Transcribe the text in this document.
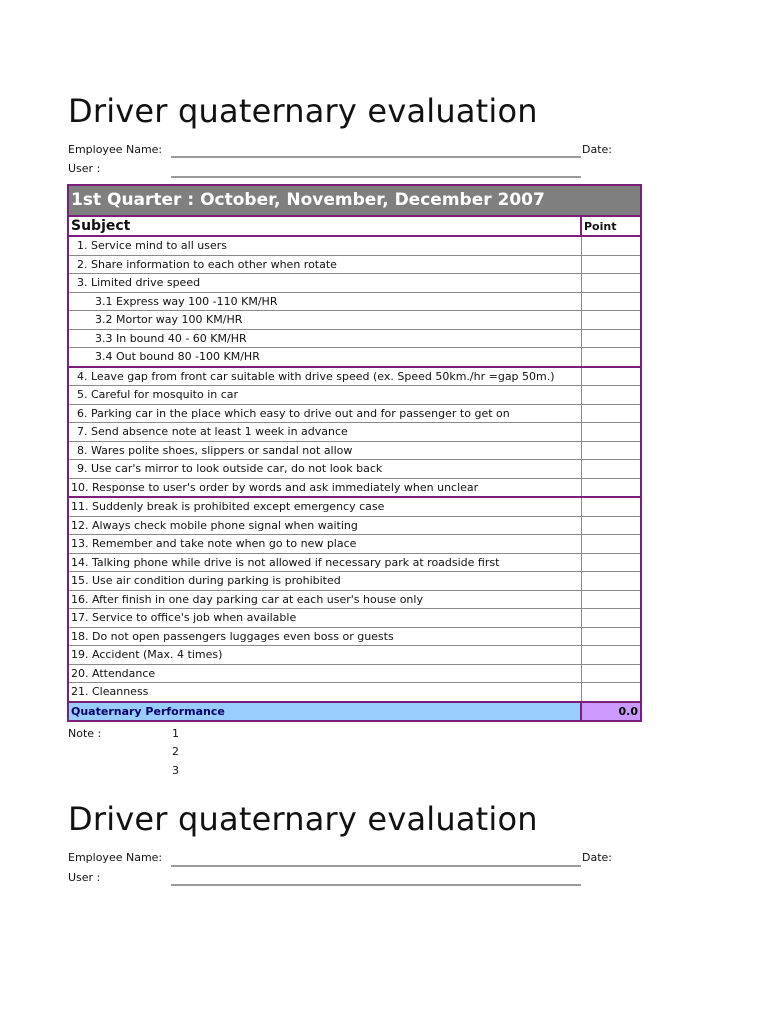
Driver quaternary evaluation
Employee Name:	Date:
User :
1st Quarter : October, November, December 2007	
Subject	Point
1. Service mind to all users	
2. Share information to each other when rotate	
3. Limited drive speed	
3.1 Express way 100 -110 KM/HR	
3.2 Mortor way 100 KM/HR	
3.3 In bound 40 - 60 KM/HR	
3.4 Out bound 80 -100 KM/HR	
4. Leave gap from front car suitable with drive speed (ex. Speed 50km./hr =gap 50m.)	
5. Careful for mosquito in car	
6. Parking car in the place which easy to drive out and for passenger to get on	
7. Send absence note at least 1 week in advance	
8. Wares polite shoes, slippers or sandal not allow	
9. Use car's mirror to look outside car, do not look back	
10. Response to user's order by words and ask immediately when unclear	
11. Suddenly break is prohibited except emergency case	
12. Always check mobile phone signal when waiting	
13. Remember and take note when go to new place	
14. Talking phone while drive is not allowed if necessary park at roadside first	
15. Use air condition during parking is prohibited	
16. After finish in one day parking car at each user's house only	
17. Service to office's job when available	
18. Do not open passengers luggages even boss or guests	
19. Accident (Max. 4 times)	
20. Attendance	
21. Cleanness	
Quaternary Performance	0.0
Note :	1
2
3
Driver quaternary evaluation
Employee Name:	Date:
User :
